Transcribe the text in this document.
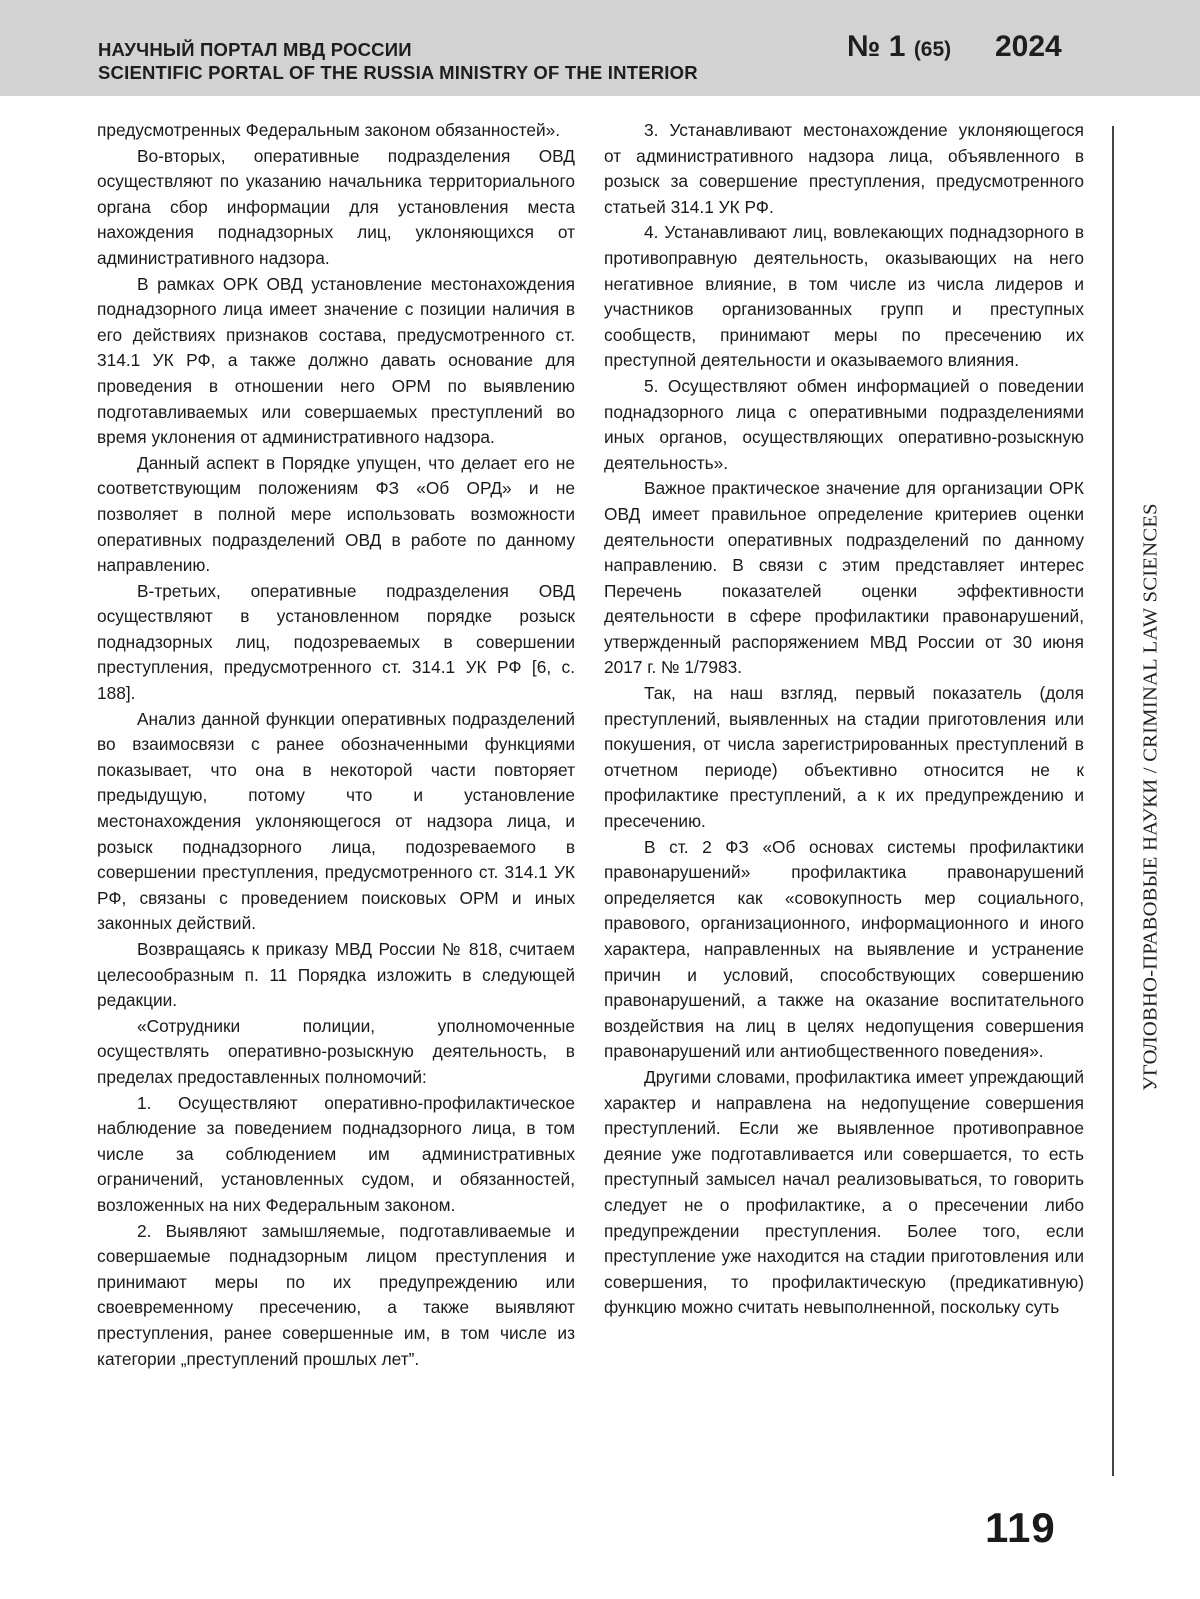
НАУЧНЫЙ ПОРТАЛ МВД РОССИИ
SCIENTIFIC PORTAL OF THE RUSSIA MINISTRY OF THE INTERIOR
№ 1 (65) 2024

предусмотренных Федеральным законом обязанностей».

Во-вторых, оперативные подразделения ОВД осуществляют по указанию начальника территориального органа сбор информации для установления места нахождения поднадзорных лиц, уклоняющихся от административного надзора.

В рамках ОРК ОВД установление местонахождения поднадзорного лица имеет значение с позиции наличия в его действиях признаков состава, предусмотренного ст. 314.1 УК РФ, а также должно давать основание для проведения в отношении него ОРМ по выявлению подготавливаемых или совершаемых преступлений во время уклонения от административного надзора.

Данный аспект в Порядке упущен, что делает его не соответствующим положениям ФЗ «Об ОРД» и не позволяет в полной мере использовать возможности оперативных подразделений ОВД в работе по данному направлению.

В-третьих, оперативные подразделения ОВД осуществляют в установленном порядке розыск поднадзорных лиц, подозреваемых в совершении преступления, предусмотренного ст. 314.1 УК РФ [6, с. 188].

Анализ данной функции оперативных подразделений во взаимосвязи с ранее обозначенными функциями показывает, что она в некоторой части повторяет предыдущую, потому что и установление местонахождения уклоняющегося от надзора лица, и розыск поднадзорного лица, подозреваемого в совершении преступления, предусмотренного ст. 314.1 УК РФ, связаны с проведением поисковых ОРМ и иных законных действий.

Возвращаясь к приказу МВД России № 818, считаем целесообразным п. 11 Порядка изложить в следующей редакции.

«Сотрудники полиции, уполномоченные осуществлять оперативно-розыскную деятельность, в пределах предоставленных полномочий:

1. Осуществляют оперативно-профилактическое наблюдение за поведением поднадзорного лица, в том числе за соблюдением им административных ограничений, установленных судом, и обязанностей, возложенных на них Федеральным законом.

2. Выявляют замышляемые, подготавливаемые и совершаемые поднадзорным лицом преступления и принимают меры по их предупреждению или своевременному пресечению, а также выявляют преступления, ранее совершенные им, в том числе из категории „преступлений прошлых лет”.

3. Устанавливают местонахождение уклоняющегося от административного надзора лица, объявленного в розыск за совершение преступления, предусмотренного статьей 314.1 УК РФ.

4. Устанавливают лиц, вовлекающих поднадзорного в противоправную деятельность, оказывающих на него негативное влияние, в том числе из числа лидеров и участников организованных групп и преступных сообществ, принимают меры по пресечению их преступной деятельности и оказываемого влияния.

5. Осуществляют обмен информацией о поведении поднадзорного лица с оперативными подразделениями иных органов, осуществляющих оперативно-розыскную деятельность».

Важное практическое значение для организации ОРК ОВД имеет правильное определение критериев оценки деятельности оперативных подразделений по данному направлению. В связи с этим представляет интерес Перечень показателей оценки эффективности деятельности в сфере профилактики правонарушений, утвержденный распоряжением МВД России от 30 июня 2017 г. № 1/7983.

Так, на наш взгляд, первый показатель (доля преступлений, выявленных на стадии приготовления или покушения, от числа зарегистрированных преступлений в отчетном периоде) объективно относится не к профилактике преступлений, а к их предупреждению и пресечению.

В ст. 2 ФЗ «Об основах системы профилактики правонарушений» профилактика правонарушений определяется как «совокупность мер социального, правового, организационного, информационного и иного характера, направленных на выявление и устранение причин и условий, способствующих совершению правонарушений, а также на оказание воспитательного воздействия на лиц в целях недопущения совершения правонарушений или антиобщественного поведения».

Другими словами, профилактика имеет упреждающий характер и направлена на недопущение совершения преступлений. Если же выявленное противоправное деяние уже подготавливается или совершается, то есть преступный замысел начал реализовываться, то говорить следует не о профилактике, а о пресечении либо предупреждении преступления. Более того, если преступление уже находится на стадии приготовления или совершения, то профилактическую (предикативную) функцию можно считать невыполненной, поскольку суть

УГОЛОВНО-ПРАВОВЫЕ НАУКИ / CRIMINAL LAW SCIENCES
119
